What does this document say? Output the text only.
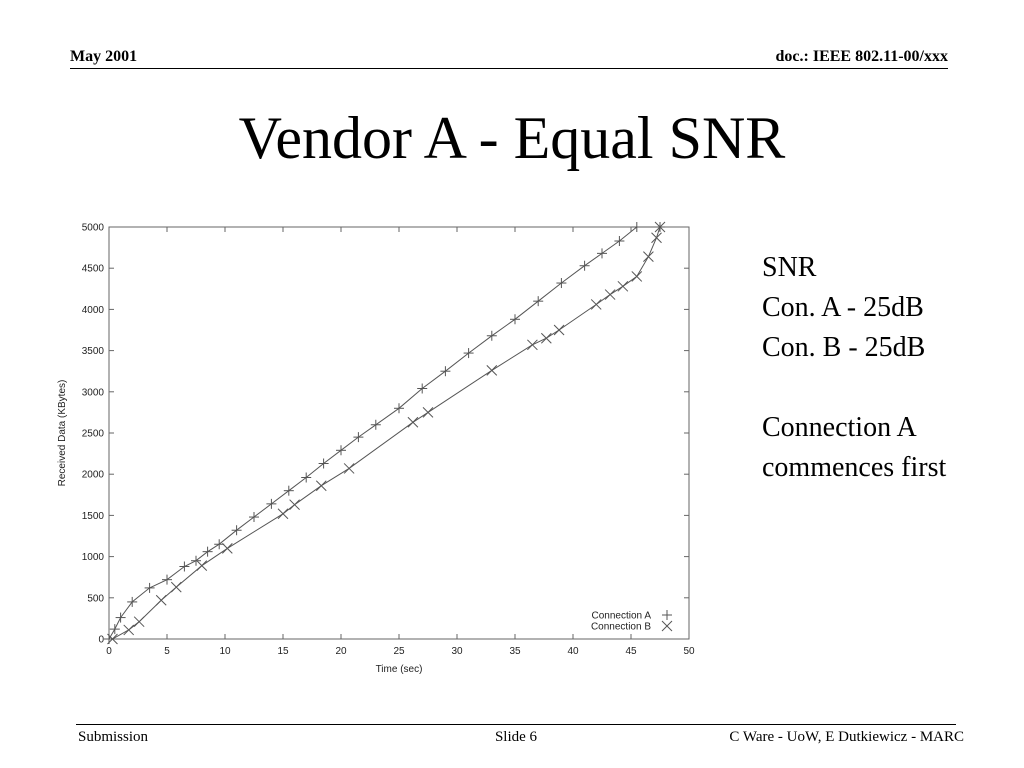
May 2001	doc.: IEEE 802.11-00/xxx
Vendor A - Equal SNR
0	5	10	15	20	25	30	35	40	45	50
0
500
1000
1500
2000
2500
3000
3500
4000
4500
5000
Time (sec)
Received Data (KBytes)
Connection A
Connection B
SNR
Con. A - 25dB
Con. B - 25dB

Connection A
commences first
Submission	Slide 6	C Ware - UoW, E Dutkiewicz - MARC
